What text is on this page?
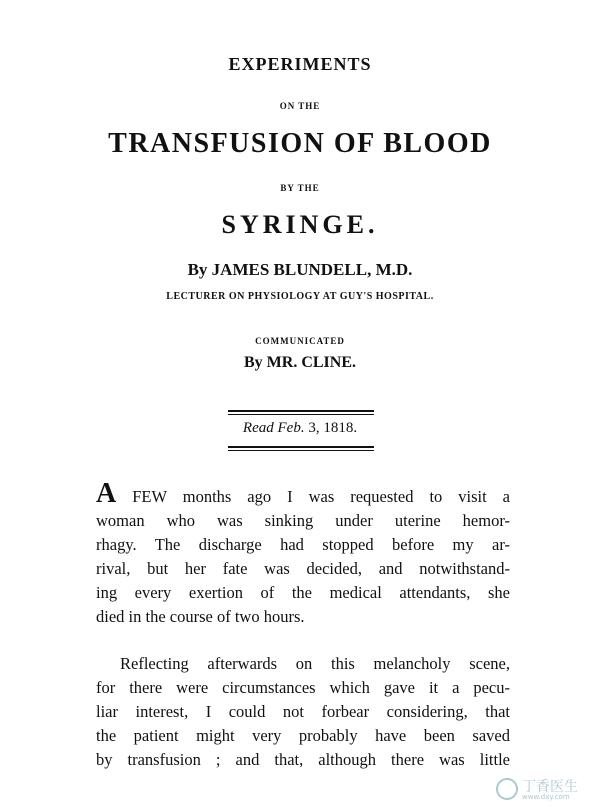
EXPERIMENTS
ON THE
TRANSFUSION OF BLOOD
BY THE
SYRINGE.
By JAMES BLUNDELL, M.D.
LECTURER ON PHYSIOLOGY AT GUY'S HOSPITAL.
COMMUNICATED
By MR. CLINE.
Read Feb. 3, 1818.
A FEW months ago I was requested to visit a
woman who was sinking under uterine hemor-
rhagy. The discharge had stopped before my ar-
rival, but her fate was decided, and notwithstand-
ing every exertion of the medical attendants, she
died in the course of two hours.
Reflecting afterwards on this melancholy scene,
for there were circumstances which gave it a pecu-
liar interest, I could not forbear considering, that
the patient might very probably have been saved
by transfusion ; and that, although there was little
丁香医生
www.dxy.com
